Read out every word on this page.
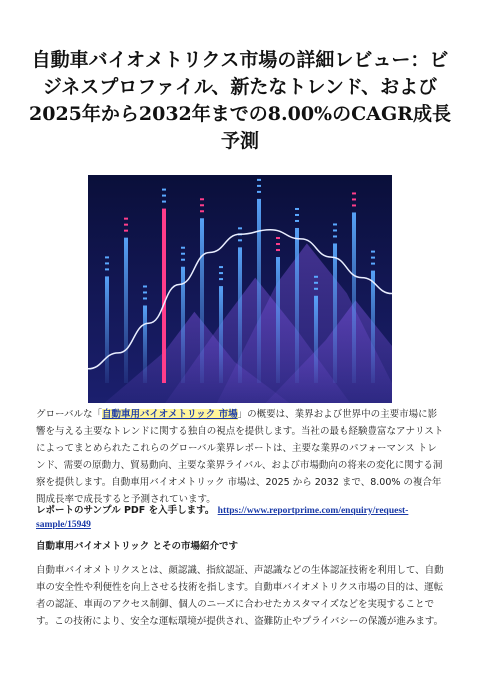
自動車バイオメトリクス市場の詳細レビュー：ビジネスプロファイル、新たなトレンド、および2025年から2032年までの8.00%のCAGR成長予測

グローバルな「自動車用バイオメトリック 市場」の概要は、業界および世界中の主要市場に影響を与える主要なトレンドに関する独自の視点を提供します。当社の最も経験豊富なアナリストによってまとめられたこれらのグローバル業界レポートは、主要な業界のパフォーマンス トレンド、需要の原動力、貿易動向、主要な業界ライバル、および市場動向の将来の変化に関する洞察を提供します。自動車用バイオメトリック 市場は、2025 から 2032 まで、8.00% の複合年間成長率で成長すると予測されています。

レポートのサンプル PDF を入手します。 https://www.reportprime.com/enquiry/request-sample/15949

自動車用バイオメトリック とその市場紹介です

自動車バイオメトリクスとは、顔認識、指紋認証、声認識などの生体認証技術を利用して、自動車の安全性や利便性を向上させる技術を指します。自動車バイオメトリクス市場の目的は、運転者の認証、車両のアクセス制御、個人のニーズに合わせたカスタマイズなどを実現することです。この技術により、安全な運転環境が提供され、盗難防止やプライバシーの保護が進みます。
